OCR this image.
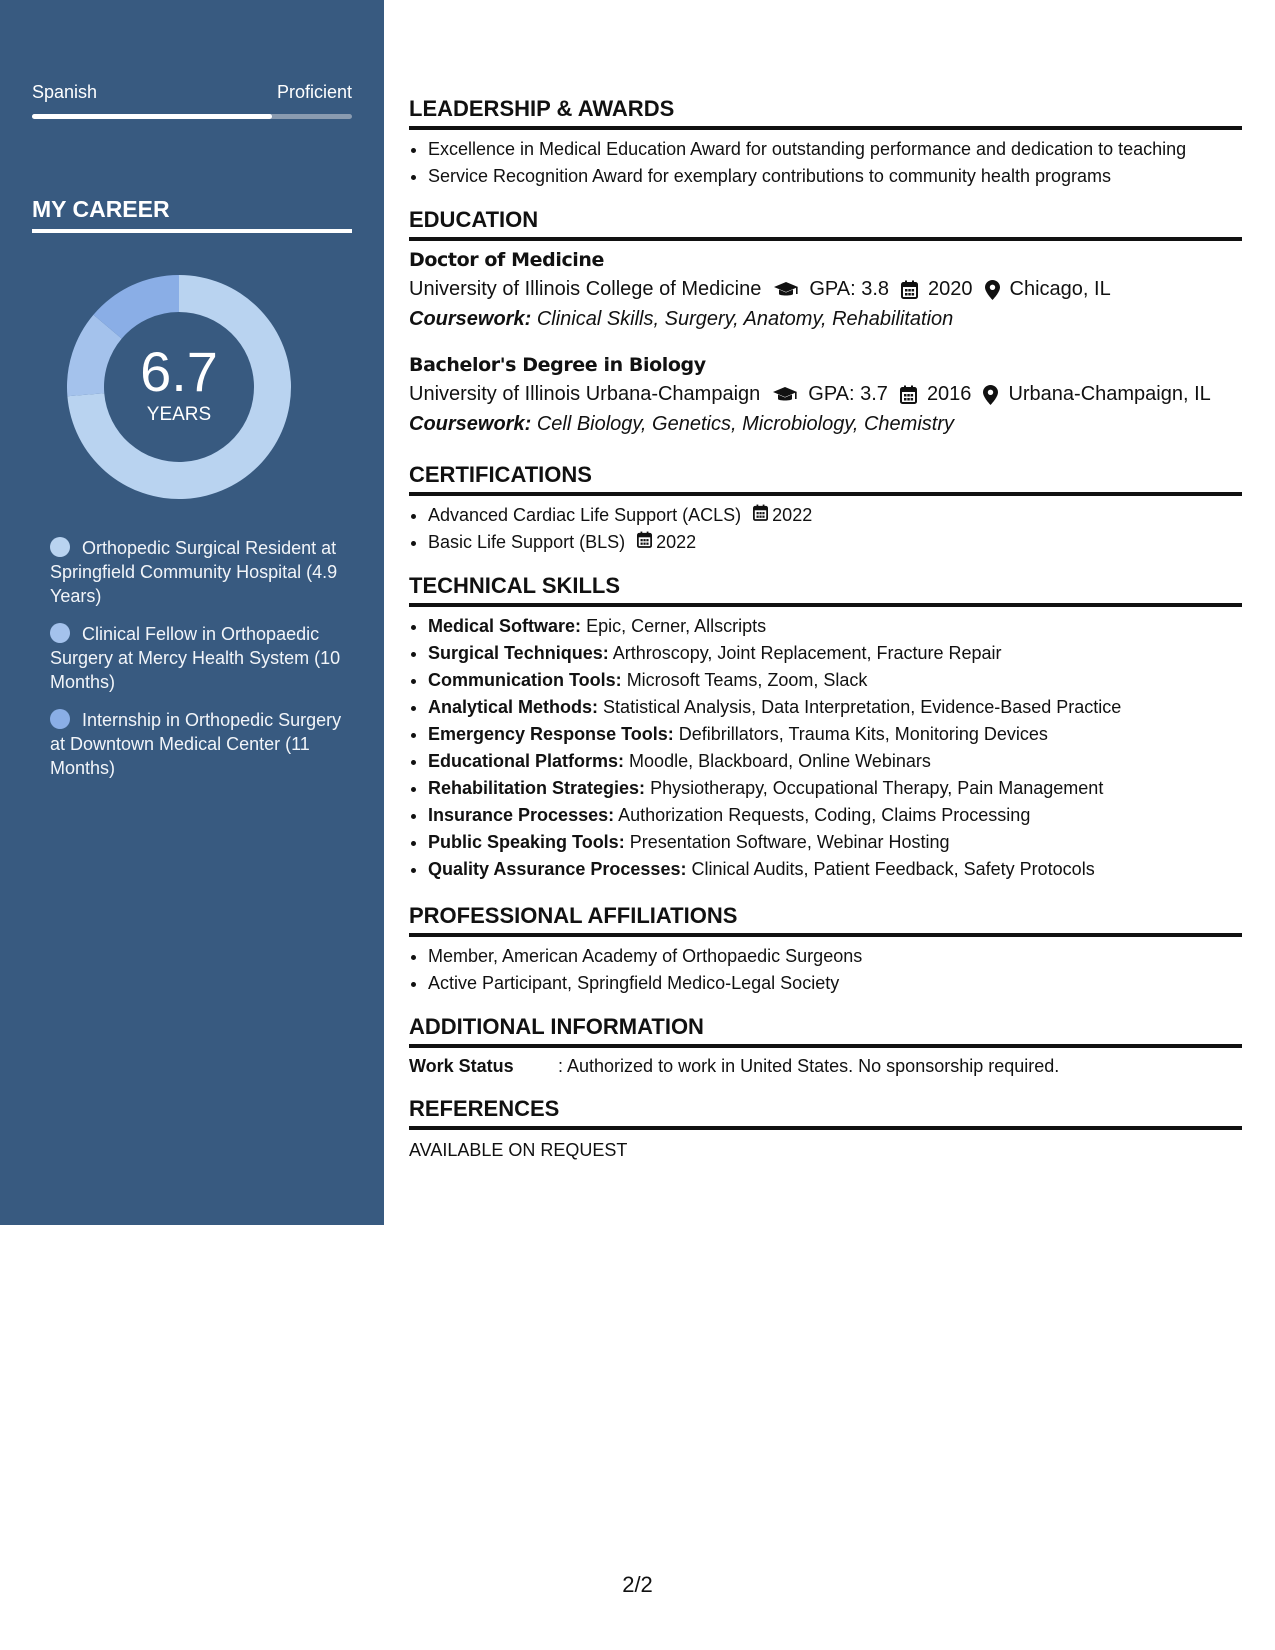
Spanish	Proficient
MY CAREER
6.7
YEARS
Orthopedic Surgical Resident at Springfield Community Hospital (4.9 Years)
Clinical Fellow in Orthopaedic Surgery at Mercy Health System (10 Months)
Internship in Orthopedic Surgery at Downtown Medical Center (11 Months)
LEADERSHIP & AWARDS
• Excellence in Medical Education Award for outstanding performance and dedication to teaching
• Service Recognition Award for exemplary contributions to community health programs
EDUCATION
Doctor of Medicine
University of Illinois College of Medicine GPA: 3.8 2020 Chicago, IL
Coursework: Clinical Skills, Surgery, Anatomy, Rehabilitation
Bachelor's Degree in Biology
University of Illinois Urbana-Champaign GPA: 3.7 2016 Urbana-Champaign, IL
Coursework: Cell Biology, Genetics, Microbiology, Chemistry
CERTIFICATIONS
• Advanced Cardiac Life Support (ACLS) 2022
• Basic Life Support (BLS) 2022
TECHNICAL SKILLS
• Medical Software: Epic, Cerner, Allscripts
• Surgical Techniques: Arthroscopy, Joint Replacement, Fracture Repair
• Communication Tools: Microsoft Teams, Zoom, Slack
• Analytical Methods: Statistical Analysis, Data Interpretation, Evidence-Based Practice
• Emergency Response Tools: Defibrillators, Trauma Kits, Monitoring Devices
• Educational Platforms: Moodle, Blackboard, Online Webinars
• Rehabilitation Strategies: Physiotherapy, Occupational Therapy, Pain Management
• Insurance Processes: Authorization Requests, Coding, Claims Processing
• Public Speaking Tools: Presentation Software, Webinar Hosting
• Quality Assurance Processes: Clinical Audits, Patient Feedback, Safety Protocols
PROFESSIONAL AFFILIATIONS
• Member, American Academy of Orthopaedic Surgeons
• Active Participant, Springfield Medico-Legal Society
ADDITIONAL INFORMATION
Work Status : Authorized to work in United States. No sponsorship required.
REFERENCES
AVAILABLE ON REQUEST
2/2
